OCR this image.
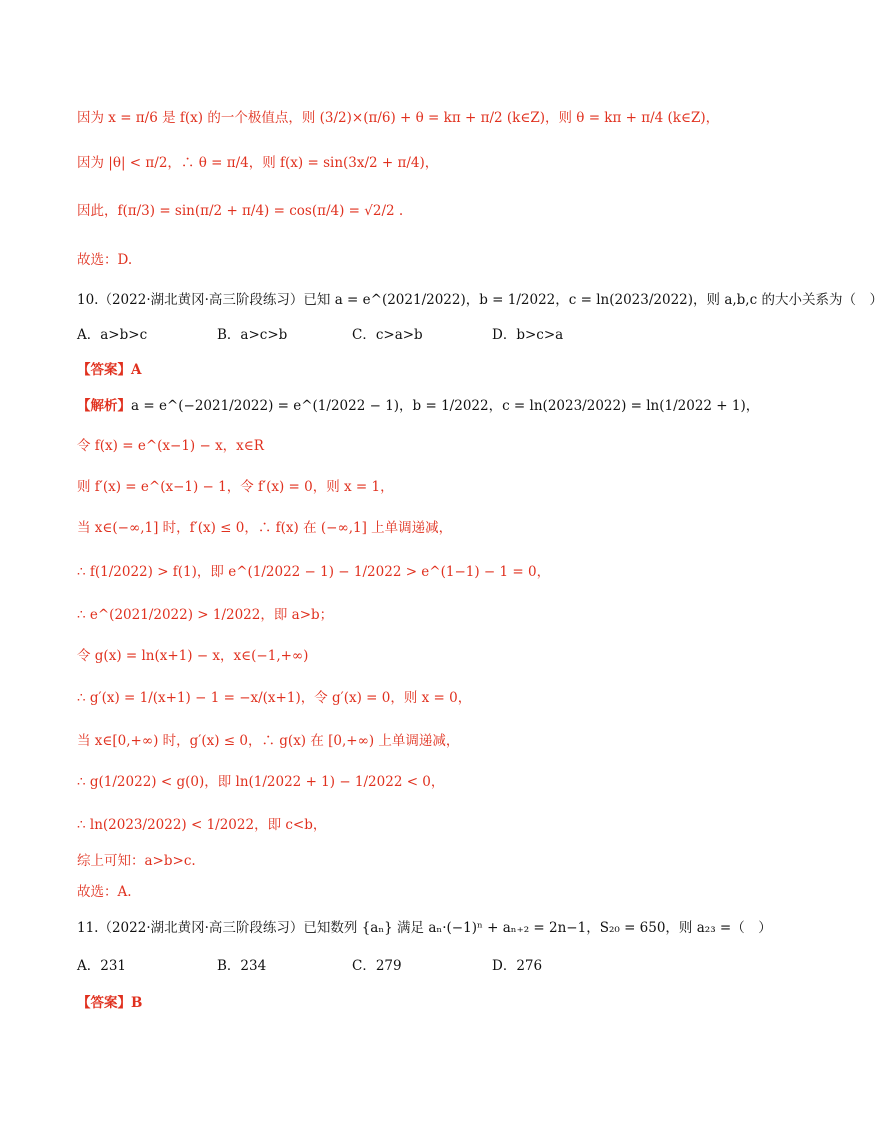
因为 x = π/6 是 f(x) 的一个极值点，则 (3/2)×(π/6) + θ = kπ + π/2 (k∈Z)，则 θ = kπ + π/4 (k∈Z)，
因为 |θ| < π/2，∴ θ = π/4，则 f(x) = sin(3x/2 + π/4)，
因此，f(π/3) = sin(π/2 + π/4) = cos(π/4) = √2/2 .
故选：D.
10.（2022·湖北黄冈·高三阶段练习）已知 a = e^(2021/2022)，b = 1/2022，c = ln(2023/2022)，则 a,b,c 的大小关系为（　）
A．a>b>c	B．a>c>b	C．c>a>b	D．b>c>a
【答案】A
【解析】a = e^(−2021/2022) = e^(1/2022 − 1)，b = 1/2022，c = ln(2023/2022) = ln(1/2022 + 1)，
令 f(x) = e^(x−1) − x，x∈R
则 f′(x) = e^(x−1) − 1，令 f′(x) = 0，则 x = 1，
当 x∈(−∞,1] 时，f′(x) ≤ 0，∴ f(x) 在 (−∞,1] 上单调递减，
∴ f(1/2022) > f(1)，即 e^(1/2022 − 1) − 1/2022 > e^(1−1) − 1 = 0，
∴ e^(2021/2022) > 1/2022，即 a>b；
令 g(x) = ln(x+1) − x，x∈(−1,+∞)
∴ g′(x) = 1/(x+1) − 1 = −x/(x+1)，令 g′(x) = 0，则 x = 0，
当 x∈[0,+∞) 时，g′(x) ≤ 0，∴ g(x) 在 [0,+∞) 上单调递减，
∴ g(1/2022) < g(0)，即 ln(1/2022 + 1) − 1/2022 < 0，
∴ ln(2023/2022) < 1/2022，即 c<b，
综上可知：a>b>c.
故选：A.
11.（2022·湖北黄冈·高三阶段练习）已知数列 {aₙ} 满足 aₙ·(−1)ⁿ + aₙ₊₂ = 2n−1，S₂₀ = 650，则 a₂₃ =（　）
A．231	B．234	C．279	D．276
【答案】B
